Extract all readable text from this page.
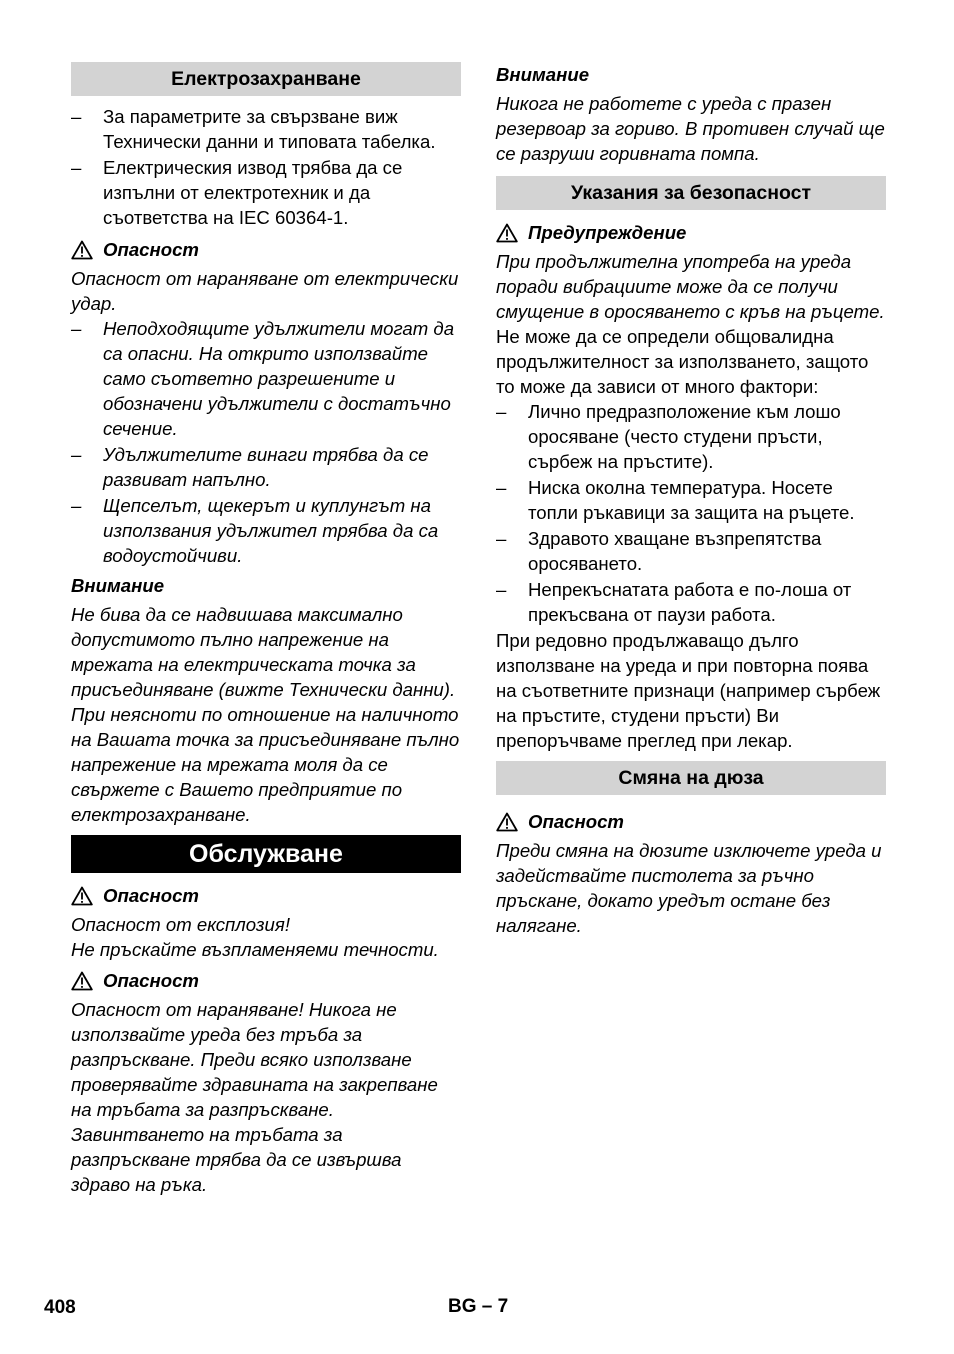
Електрозахранване
– За параметрите за свързване виж Технически данни и типовата табелка.
– Електрическия извод трябва да се изпълни от електротехник и да съответства на IEC 60364-1.
Опасност

Опасност от нараняване от електрически удар.

– Неподходящите удължители могат да са опасни. На открито използвайте само съответно разрешените и обозначени удължители с достатъчно сечение.
– Удължителите винаги трябва да се развиват напълно.
– Щепселът, щекерът и куплунгът на използвания удължител трябва да са водоустойчиви.
Внимание

Не бива да се надвишава максимално допустимото пълно напрежение на мрежата на електрическата точка за присъединяване (вижте Технически данни). При неясноти по отношение на наличното на Вашата точка за присъединяване пълно напрежение на мрежата моля да се свържете с Вашето предприятие по електрозахранване.

Обслужване
Опасност

Опасност от експлозия!

Не пръскайте възпламеняеми течности.

Опасност

Опасност от нараняване! Никога не използвайте уреда без тръба за разпръскване. Преди всяко използване проверявайте здравината на закрепване на тръбата за разпръскване. Завинтването на тръбата за разпръскване трябва да се извършва здраво на ръка.

Внимание

Никога не работете с уреда с празен резервоар за гориво. В противен случай ще се разруши горивната помпа.

Указания за безопасност
Предупреждение

При продължителна употреба на уреда поради вибрациите може да се получи смущение в оросяването с кръв на ръцете.

Не може да се определи общовалидна продължителност за използването, защото то може да зависи от много фактори:

– Лично предразположение към лошо оросяване (често студени пръсти, сърбеж на пръстите).
– Ниска околна температура. Носете топли ръкавици за защита на ръцете.
– Здравото хващане възпрепятства оросяването.
– Непрекъснатата работа е по-лоша от прекъсвана от паузи работа.

При редовно продължаващо дълго използване на уреда и при повторна поява на съответните признаци (например сърбеж на пръстите, студени пръсти) Ви препоръчваме преглед при лекар.

Смяна на дюза
Опасност

Преди смяна на дюзите изключете уреда и задействайте пистолета за ръчно пръскане, докато уредът остане без налягане.

408	BG – 7
